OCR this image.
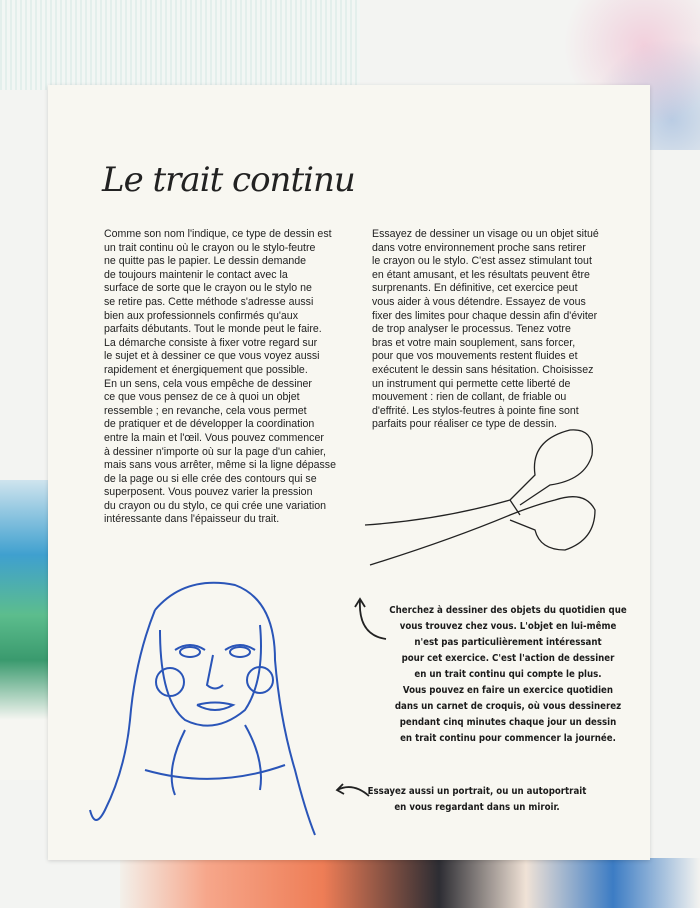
Le trait continu
Comme son nom l'indique, ce type de dessin est
un trait continu où le crayon ou le stylo-feutre
ne quitte pas le papier. Le dessin demande
de toujours maintenir le contact avec la
surface de sorte que le crayon ou le stylo ne
se retire pas. Cette méthode s'adresse aussi
bien aux professionnels confirmés qu'aux
parfaits débutants. Tout le monde peut le faire.
La démarche consiste à fixer votre regard sur
le sujet et à dessiner ce que vous voyez aussi
rapidement et énergiquement que possible.
En un sens, cela vous empêche de dessiner
ce que vous pensez de ce à quoi un objet
ressemble ; en revanche, cela vous permet
de pratiquer et de développer la coordination
entre la main et l'œil. Vous pouvez commencer
à dessiner n'importe où sur la page d'un cahier,
mais sans vous arrêter, même si la ligne dépasse
de la page ou si elle crée des contours qui se
superposent. Vous pouvez varier la pression
du crayon ou du stylo, ce qui crée une variation
intéressante dans l'épaisseur du trait.
Essayez de dessiner un visage ou un objet situé
dans votre environnement proche sans retirer
le crayon ou le stylo. C'est assez stimulant tout
en étant amusant, et les résultats peuvent être
surprenants. En définitive, cet exercice peut
vous aider à vous détendre. Essayez de vous
fixer des limites pour chaque dessin afin d'éviter
de trop analyser le processus. Tenez votre
bras et votre main souplement, sans forcer,
pour que vos mouvements restent fluides et
exécutent le dessin sans hésitation. Choisissez
un instrument qui permette cette liberté de
mouvement : rien de collant, de friable ou
d'effrité. Les stylos-feutres à pointe fine sont
parfaits pour réaliser ce type de dessin.
Cherchez à dessiner des objets du quotidien que
vous trouvez chez vous. L'objet en lui-même
n'est pas particulièrement intéressant
pour cet exercice. C'est l'action de dessiner
en un trait continu qui compte le plus.
Vous pouvez en faire un exercice quotidien
dans un carnet de croquis, où vous dessinerez
pendant cinq minutes chaque jour un dessin
en trait continu pour commencer la journée.
Essayez aussi un portrait, ou un autoportrait
en vous regardant dans un miroir.
